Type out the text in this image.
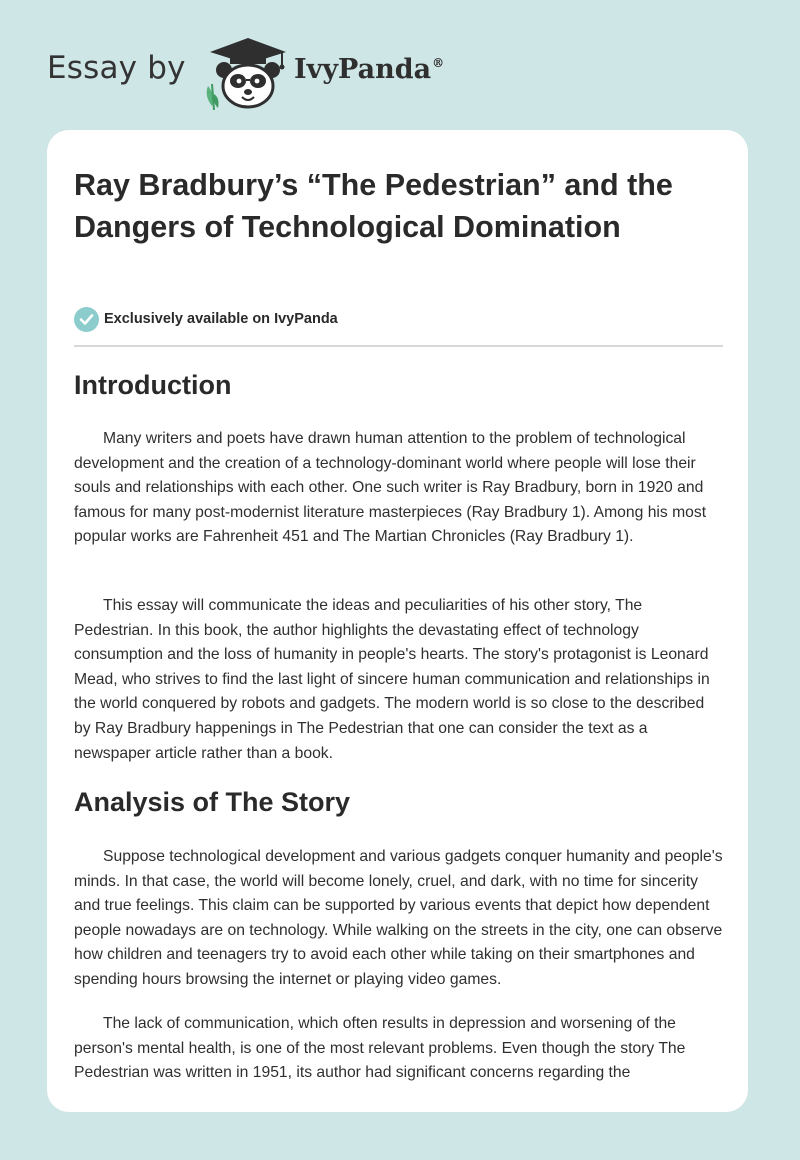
Essay by	IvyPanda®
Ray Bradbury’s “The Pedestrian” and the Dangers of Technological Domination
Exclusively available on IvyPanda
Introduction

Many writers and poets have drawn human attention to the problem of technological development and the creation of a technology-dominant world where people will lose their souls and relationships with each other. One such writer is Ray Bradbury, born in 1920 and famous for many post-modernist literature masterpieces (Ray Bradbury 1). Among his most popular works are Fahrenheit 451 and The Martian Chronicles (Ray Bradbury 1).

This essay will communicate the ideas and peculiarities of his other story, The Pedestrian. In this book, the author highlights the devastating effect of technology consumption and the loss of humanity in people's hearts. The story's protagonist is Leonard Mead, who strives to find the last light of sincere human communication and relationships in the world conquered by robots and gadgets. The modern world is so close to the described by Ray Bradbury happenings in The Pedestrian that one can consider the text as a newspaper article rather than a book.

Analysis of The Story

Suppose technological development and various gadgets conquer humanity and people's minds. In that case, the world will become lonely, cruel, and dark, with no time for sincerity and true feelings. This claim can be supported by various events that depict how dependent people nowadays are on technology. While walking on the streets in the city, one can observe how children and teenagers try to avoid each other while taking on their smartphones and spending hours browsing the internet or playing video games.

The lack of communication, which often results in depression and worsening of the person's mental health, is one of the most relevant problems. Even though the story The Pedestrian was written in 1951, its author had significant concerns regarding the
